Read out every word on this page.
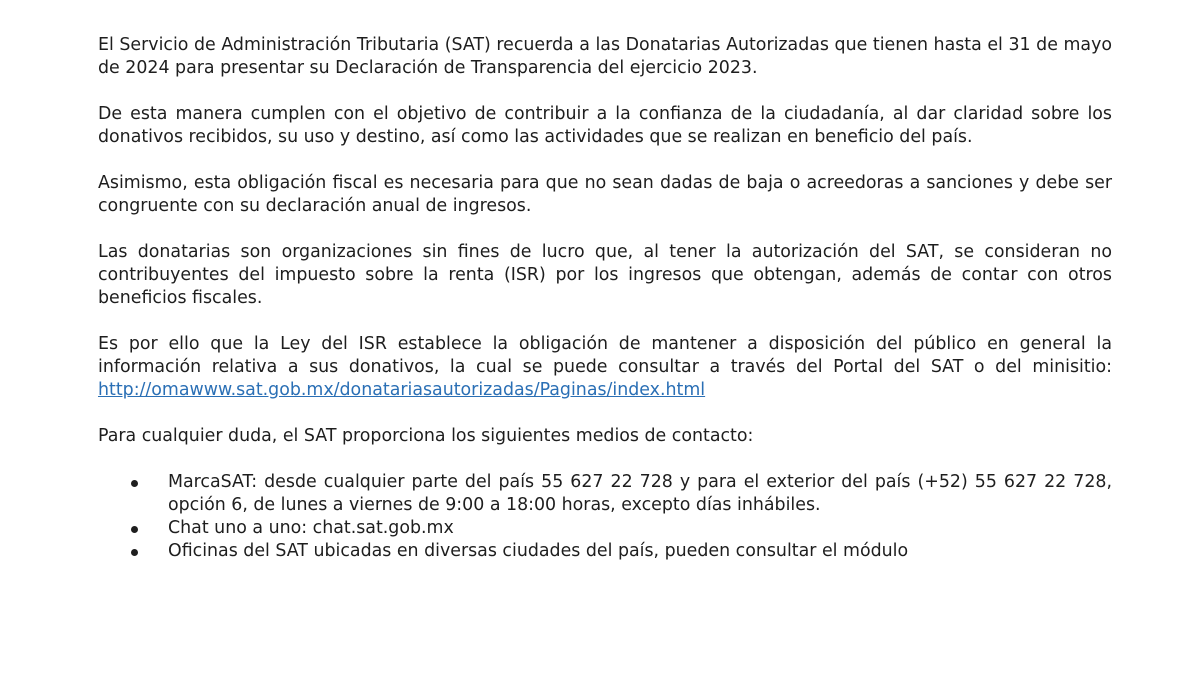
El Servicio de Administración Tributaria (SAT) recuerda a las Donatarias Autorizadas que tienen hasta el 31 de mayo de 2024 para presentar su Declaración de Transparencia del ejercicio 2023.

De esta manera cumplen con el objetivo de contribuir a la confianza de la ciudadanía, al dar claridad sobre los donativos recibidos, su uso y destino, así como las actividades que se realizan en beneficio del país.

Asimismo, esta obligación fiscal es necesaria para que no sean dadas de baja o acreedoras a sanciones y debe ser congruente con su declaración anual de ingresos.

Las donatarias son organizaciones sin fines de lucro que, al tener la autorización del SAT, se consideran no contribuyentes del impuesto sobre la renta (ISR) por los ingresos que obtengan, además de contar con otros beneficios fiscales.

Es por ello que la Ley del ISR establece la obligación de mantener a disposición del público en general la información relativa a sus donativos, la cual se puede consultar a través del Portal del SAT o del minisitio: http://omawww.sat.gob.mx/donatariasautorizadas/Paginas/index.html

Para cualquier duda, el SAT proporciona los siguientes medios de contacto:

MarcaSAT: desde cualquier parte del país 55 627 22 728 y para el exterior del país (+52) 55 627 22 728, opción 6, de lunes a viernes de 9:00 a 18:00 horas, excepto días inhábiles.
Chat uno a uno: chat.sat.gob.mx
Oficinas del SAT ubicadas en diversas ciudades del país, pueden consultar el módulo
